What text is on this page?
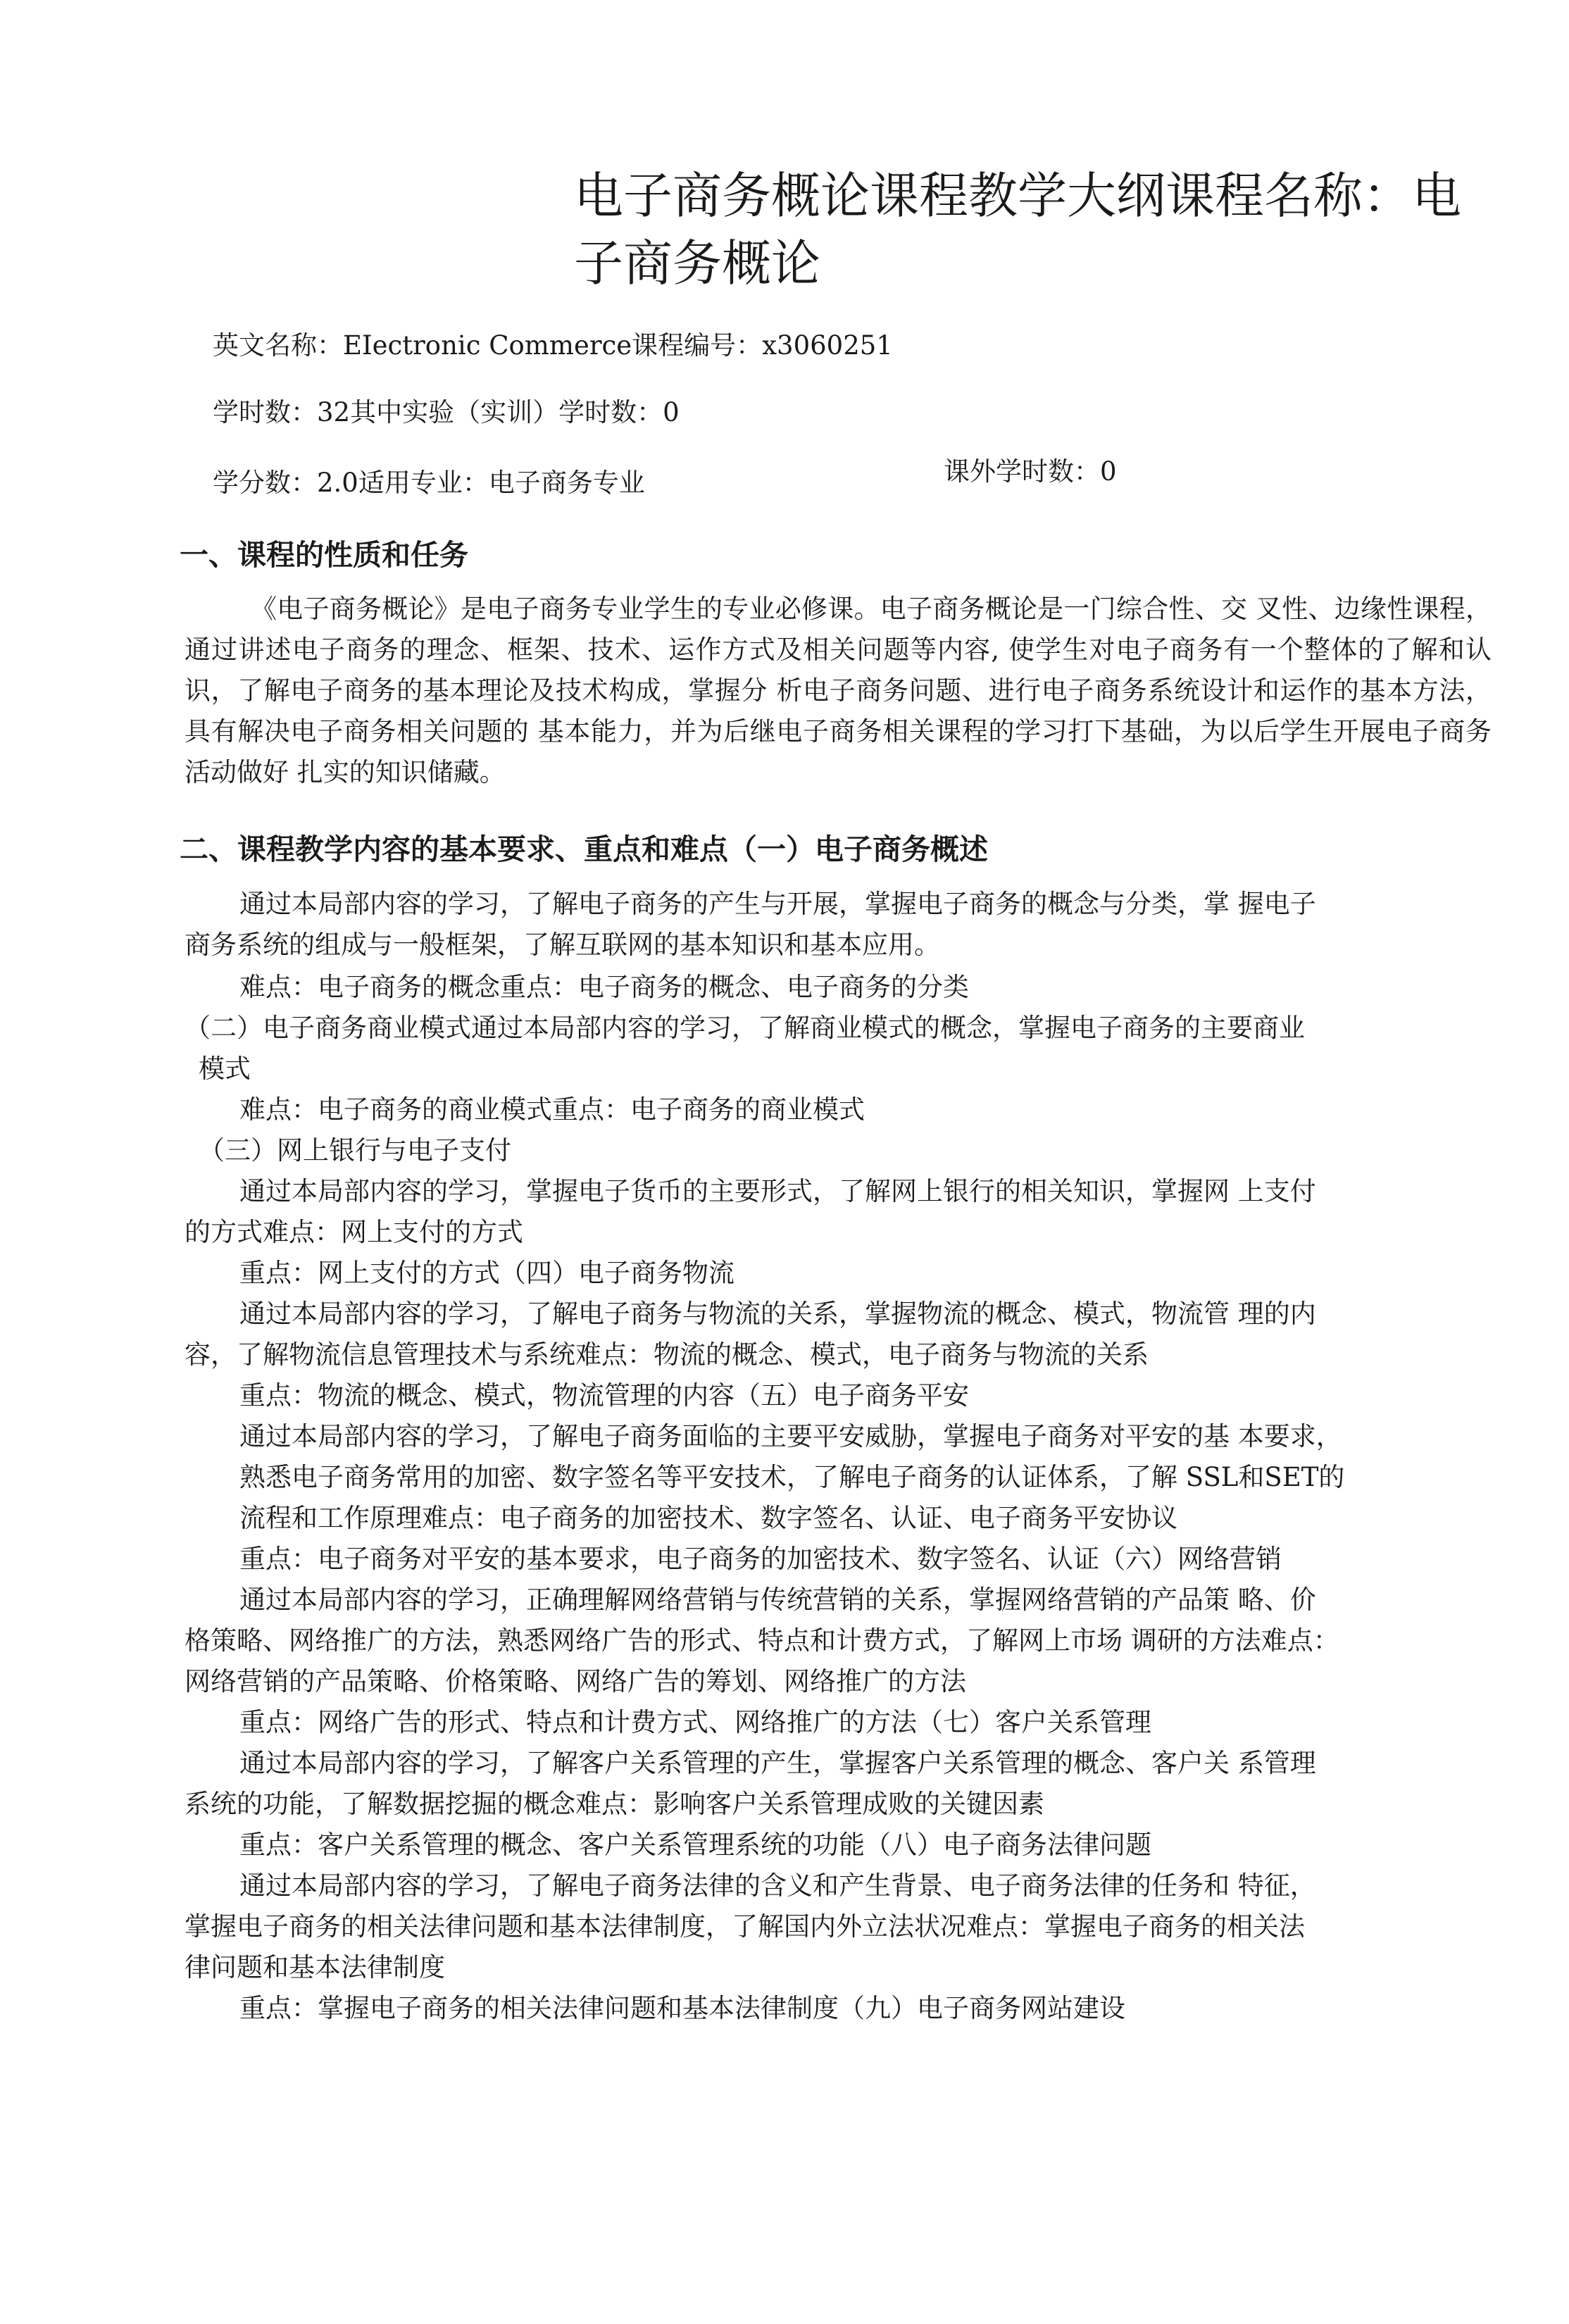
电子商务概论课程教学大纲课程名称：电子商务概论
英文名称：EIectronic Commerce课程编号：x3060251
学时数：32其中实验（实训）学时数：0
学分数：2.0适用专业：电子商务专业	课外学时数：0
一、课程的性质和任务

《电子商务概论》是电子商务专业学生的专业必修课。电子商务概论是一门综合性、交 叉性、边缘性课程，通过讲述电子商务的理念、框架、技术、运作方式及相关问题等内容, 使学生对电子商务有一个整体的了解和认识，了解电子商务的基本理论及技术构成，掌握分 析电子商务问题、进行电子商务系统设计和运作的基本方法，具有解决电子商务相关问题的 基本能力，并为后继电子商务相关课程的学习打下基础，为以后学生开展电子商务活动做好 扎实的知识储藏。

二、课程教学内容的基本要求、重点和难点（一）电子商务概述

通过本局部内容的学习，了解电子商务的产生与开展，掌握电子商务的概念与分类，掌 握电子

商务系统的组成与一般框架，了解互联网的基本知识和基本应用。

难点：电子商务的概念重点：电子商务的概念、电子商务的分类

（二）电子商务商业模式通过本局部内容的学习，了解商业模式的概念，掌握电子商务的主要商业

模式

难点：电子商务的商业模式重点：电子商务的商业模式

（三）网上银行与电子支付

通过本局部内容的学习，掌握电子货币的主要形式，了解网上银行的相关知识，掌握网 上支付

的方式难点：网上支付的方式

重点：网上支付的方式（四）电子商务物流

通过本局部内容的学习，了解电子商务与物流的关系，掌握物流的概念、模式，物流管 理的内

容，了解物流信息管理技术与系统难点：物流的概念、模式，电子商务与物流的关系

重点：物流的概念、模式，物流管理的内容（五）电子商务平安

通过本局部内容的学习，了解电子商务面临的主要平安威胁，掌握电子商务对平安的基 本要求，

熟悉电子商务常用的加密、数字签名等平安技术，了解电子商务的认证体系，了解 SSL和SET的

流程和工作原理难点：电子商务的加密技术、数字签名、认证、电子商务平安协议

重点：电子商务对平安的基本要求，电子商务的加密技术、数字签名、认证（六）网络营销

通过本局部内容的学习，正确理解网络营销与传统营销的关系，掌握网络营销的产品策 略、价

格策略、网络推广的方法，熟悉网络广告的形式、特点和计费方式，了解网上市场 调研的方法难点：

网络营销的产品策略、价格策略、网络广告的筹划、网络推广的方法

重点：网络广告的形式、特点和计费方式、网络推广的方法（七）客户关系管理

通过本局部内容的学习，了解客户关系管理的产生，掌握客户关系管理的概念、客户关 系管理

系统的功能，了解数据挖掘的概念难点：影响客户关系管理成败的关键因素

重点：客户关系管理的概念、客户关系管理系统的功能（八）电子商务法律问题

通过本局部内容的学习，了解电子商务法律的含义和产生背景、电子商务法律的任务和 特征，

掌握电子商务的相关法律问题和基本法律制度，了解国内外立法状况难点：掌握电子商务的相关法

律问题和基本法律制度

重点：掌握电子商务的相关法律问题和基本法律制度（九）电子商务网站建设
